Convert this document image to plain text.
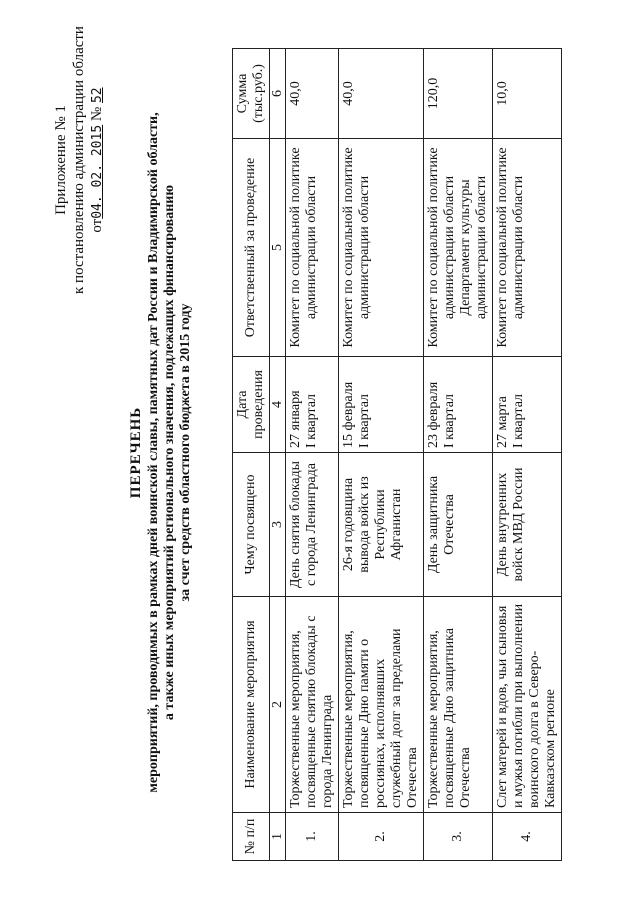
Приложение № 1 к постановлению администрации области от04. 02. 2015 № 52
ПЕРЕЧЕНЬ мероприятий, проводимых в рамках дней воинской славы, памятных дат России и Владимирской области, а также иных мероприятий регионального значения, подлежащих финансированию за счет средств областного бюджета в 2015 году
№ п/п	Наименование мероприятия	Чему посвящено	Дата проведения	Ответственный за проведение	Сумма (тыс.руб.)
1	2	3	4	5	6
1.	Торжественные мероприятия, посвященные снятию блокады с города Ленинграда	День снятия блокады с города Ленинграда	27 января I квартал	Комитет по социальной политике администрации области	40,0
2.	Торжественные мероприятия, посвященные Дню памяти о россиянах, исполнявших служебный долг за пределами Отечества	26-я годовщина вывода войск из Республики Афганистан	15 февраля I квартал	Комитет по социальной политике администрации области	40,0
3.	Торжественные мероприятия, посвященные Дню защитника Отечества	День защитника Отечества	23 февраля I квартал	Комитет по социальной политике администрации области Департамент культуры администрации области	120,0
4.	Слет матерей и вдов, чьи сыновья и мужья погибли при выполнении воинского долга в Северо-Кавказском регионе	День внутренних войск МВД России	27 марта I квартал	Комитет по социальной политике администрации области	10,0
